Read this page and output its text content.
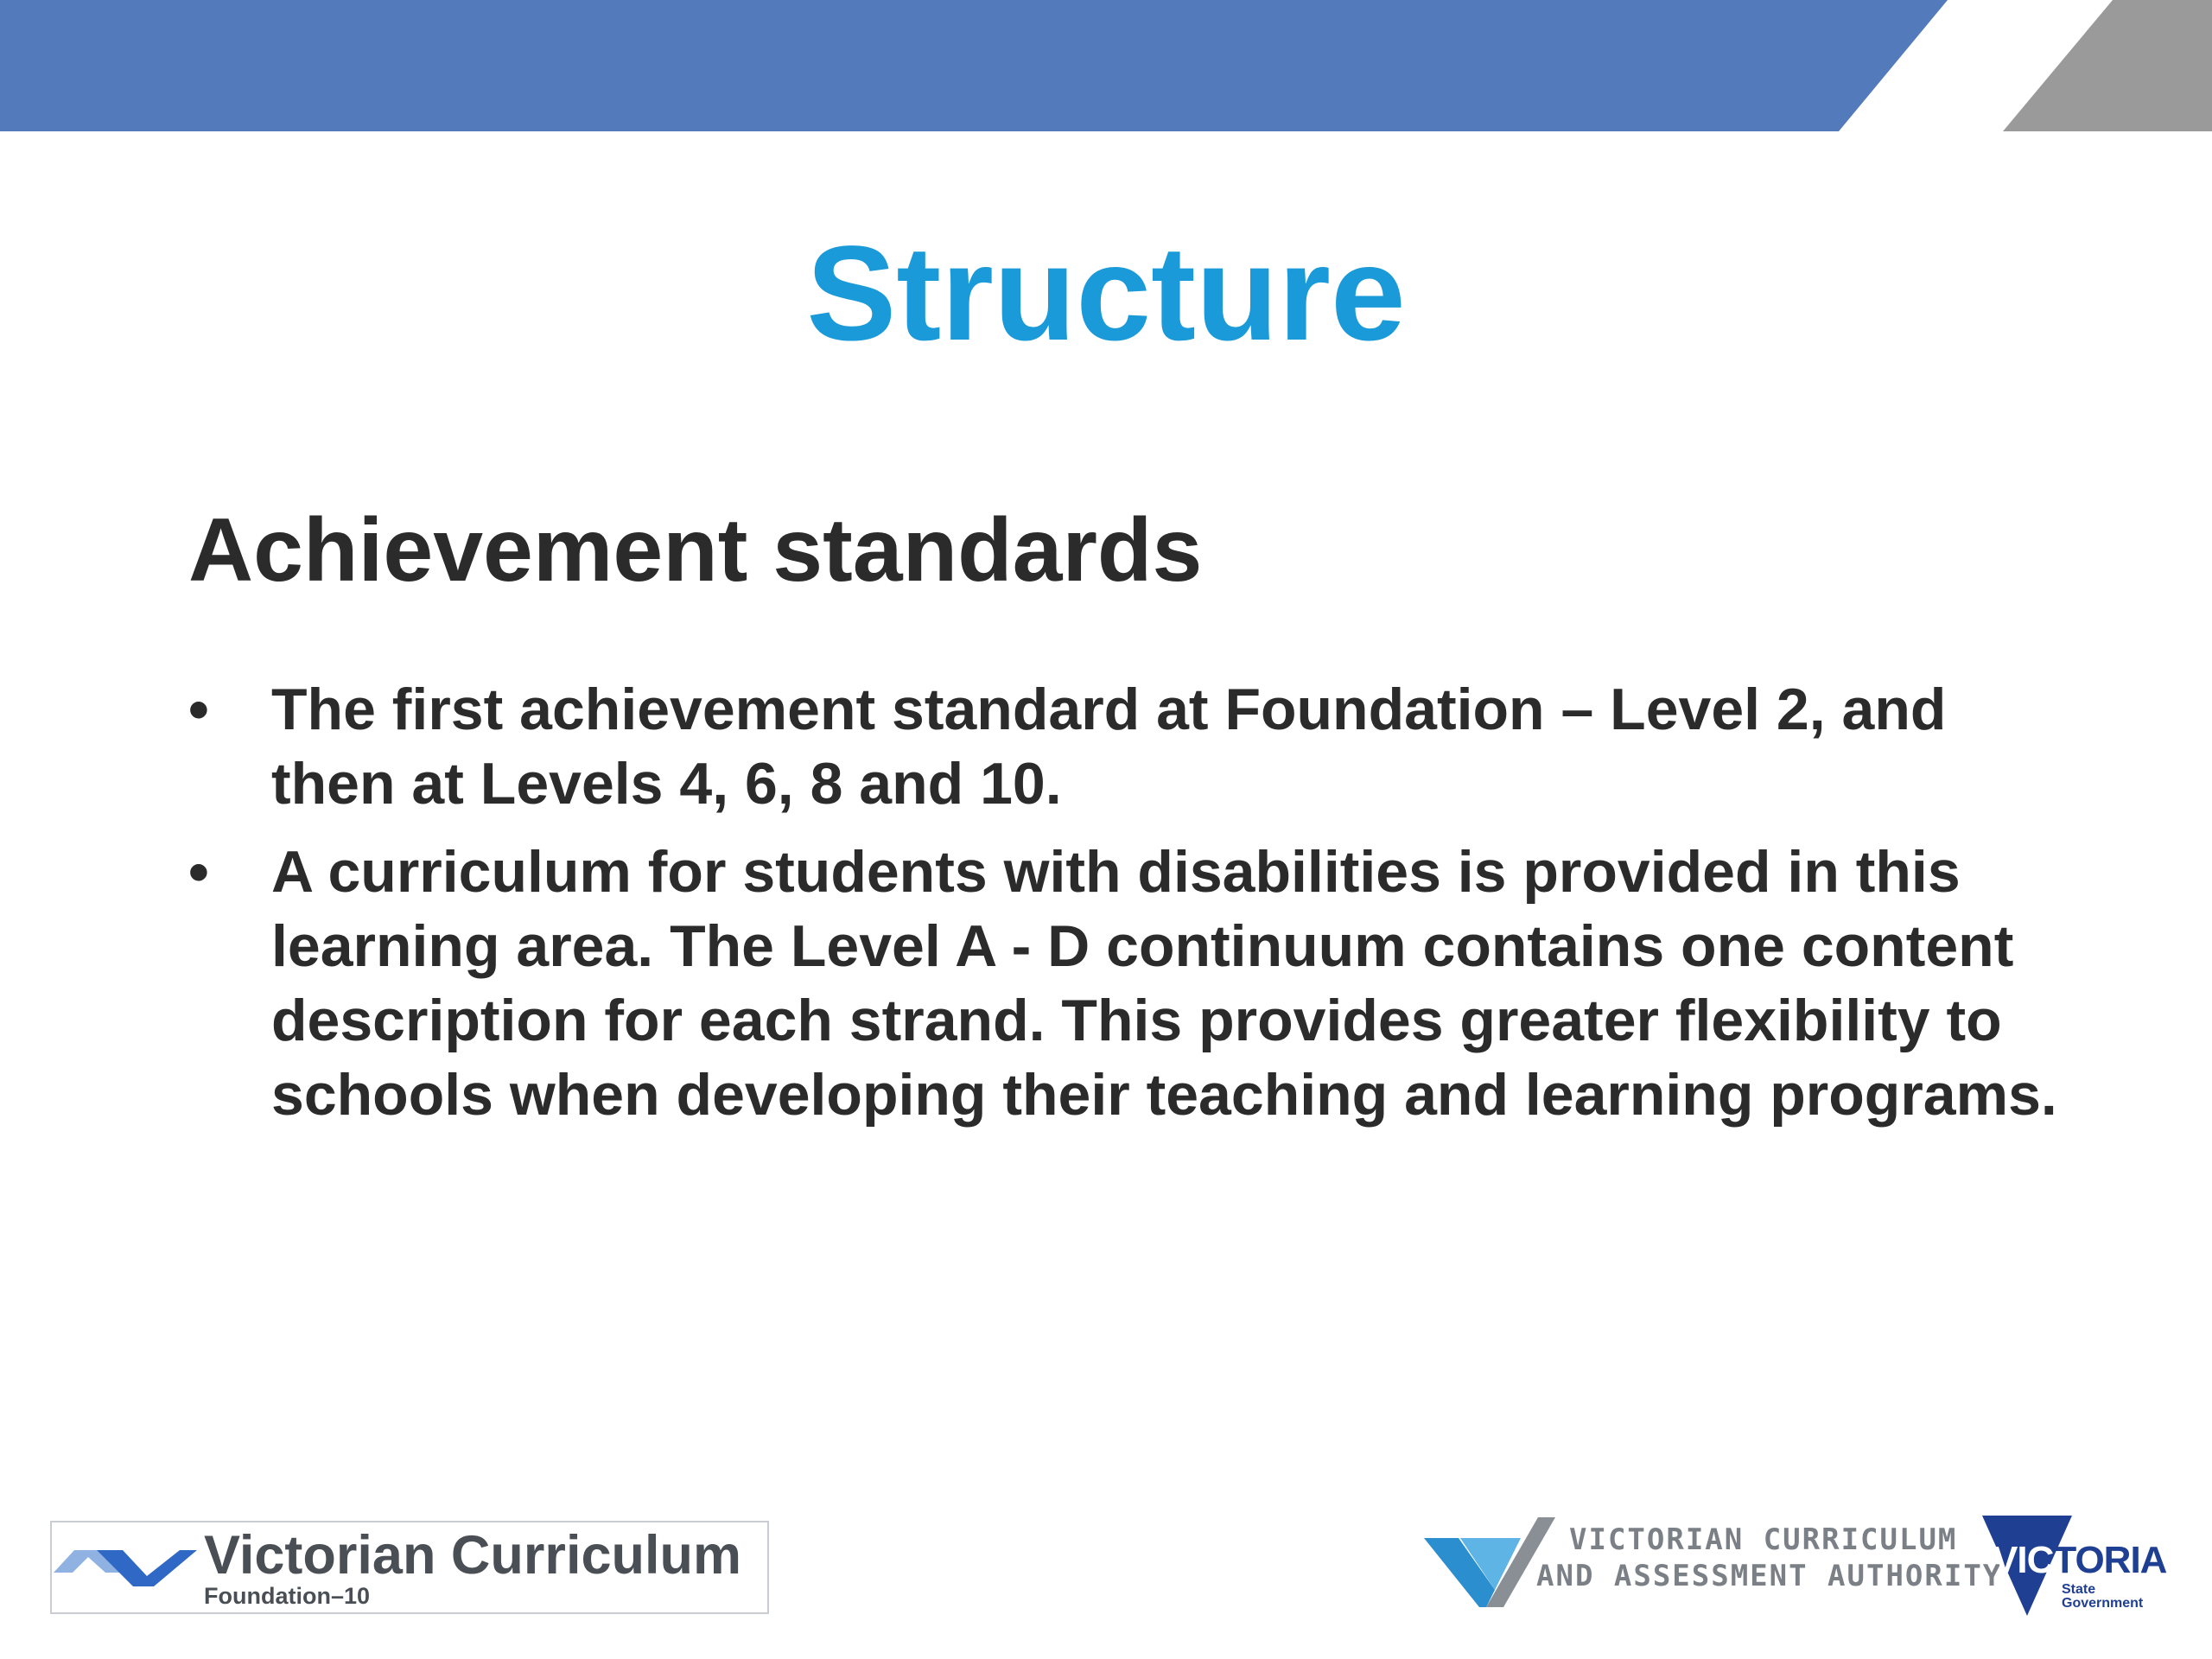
Structure
Achievement standards
• The first achievement standard at Foundation – Level 2, and then at Levels 4, 6, 8 and 10.
• A curriculum for students with disabilities is provided in this learning area. The Level A - D continuum contains one content description for each strand. This provides greater flexibility to schools when developing their teaching and learning programs.
Victorian Curriculum
Foundation–10
VICTORIAN CURRICULUM
AND ASSESSMENT AUTHORITY
VICTORIA
State
Government
